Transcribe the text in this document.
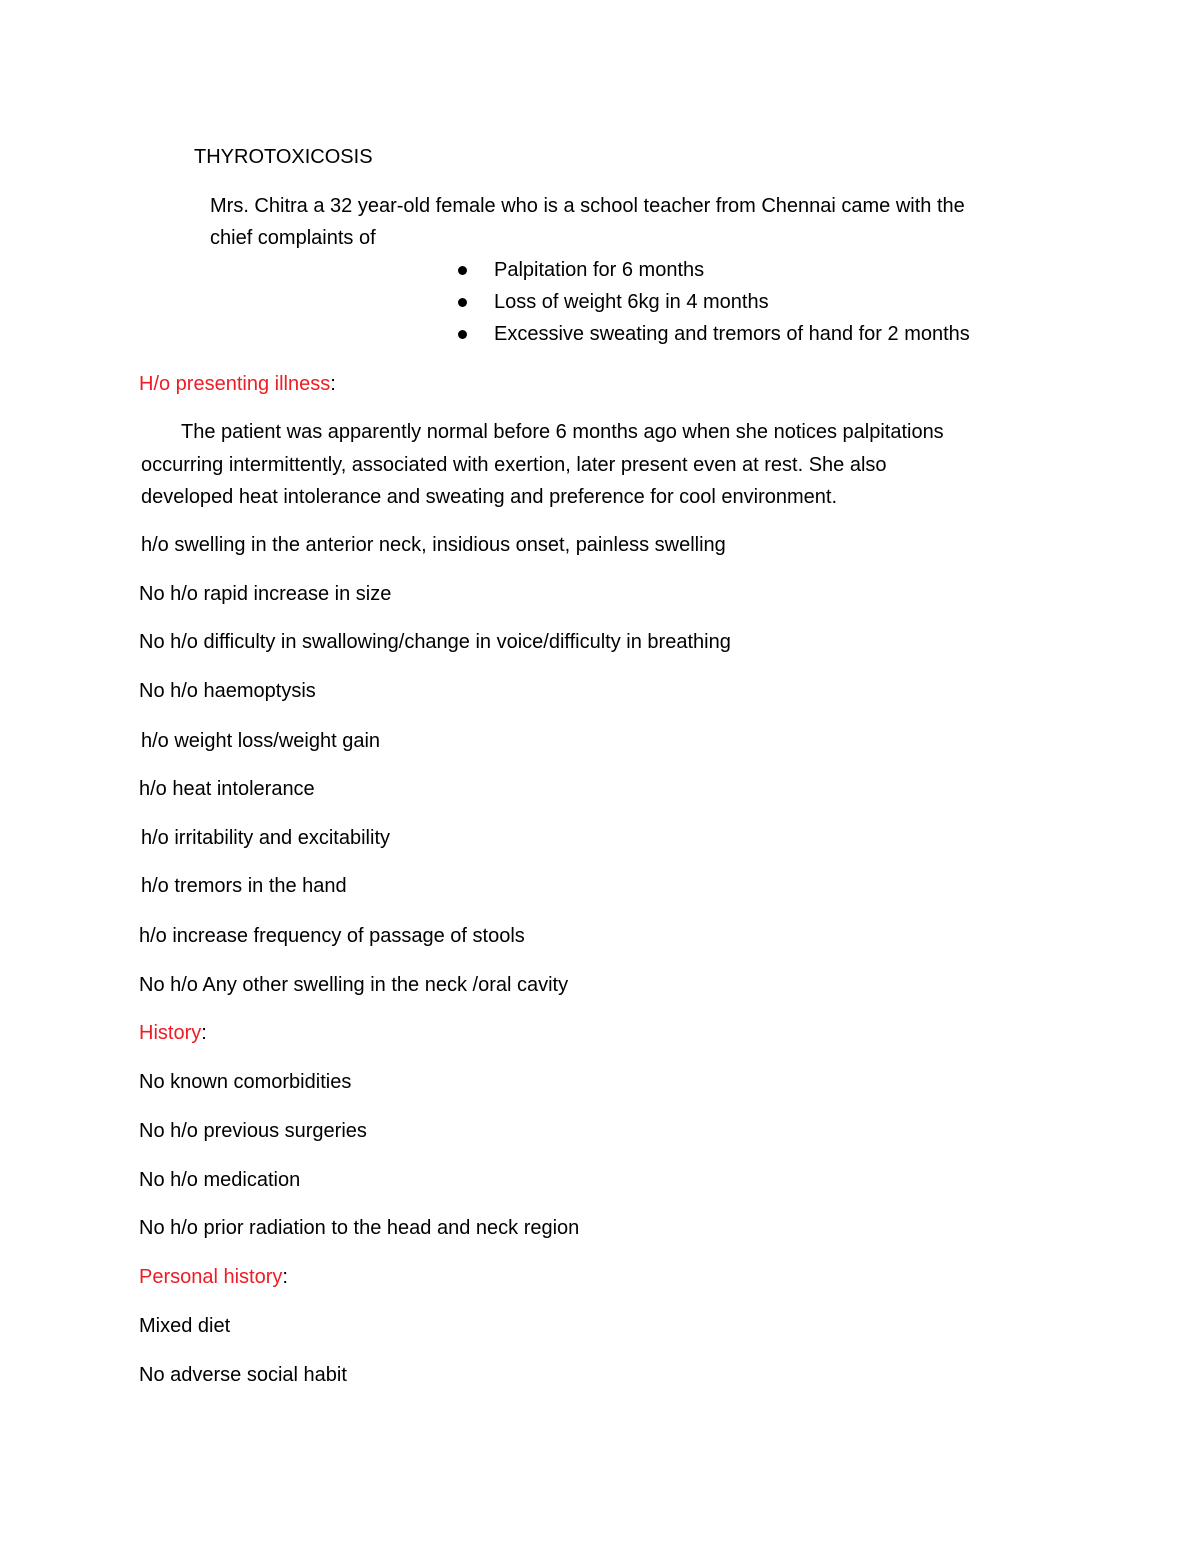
THYROTOXICOSIS
Mrs. Chitra a 32 year-old female who is a school teacher from Chennai came with the
chief complaints of
Palpitation for 6 months
Loss of weight 6kg in 4 months
Excessive sweating and tremors of hand for 2 months
H/o presenting illness:
The patient was apparently normal before 6 months ago when she notices palpitations
occurring intermittently, associated with exertion, later present even at rest. She also
developed heat intolerance and sweating and preference for cool environment.
h/o swelling in the anterior neck, insidious onset, painless swelling
No h/o rapid increase in size
No h/o difficulty in swallowing/change in voice/difficulty in breathing
No h/o haemoptysis
h/o weight loss/weight gain
h/o heat intolerance
h/o irritability and excitability
h/o tremors in the hand
h/o increase frequency of passage of stools
No h/o Any other swelling in the neck /oral cavity
History:
No known comorbidities
No h/o previous surgeries
No h/o medication
No h/o prior radiation to the head and neck region
Personal history:
Mixed diet
No adverse social habit
